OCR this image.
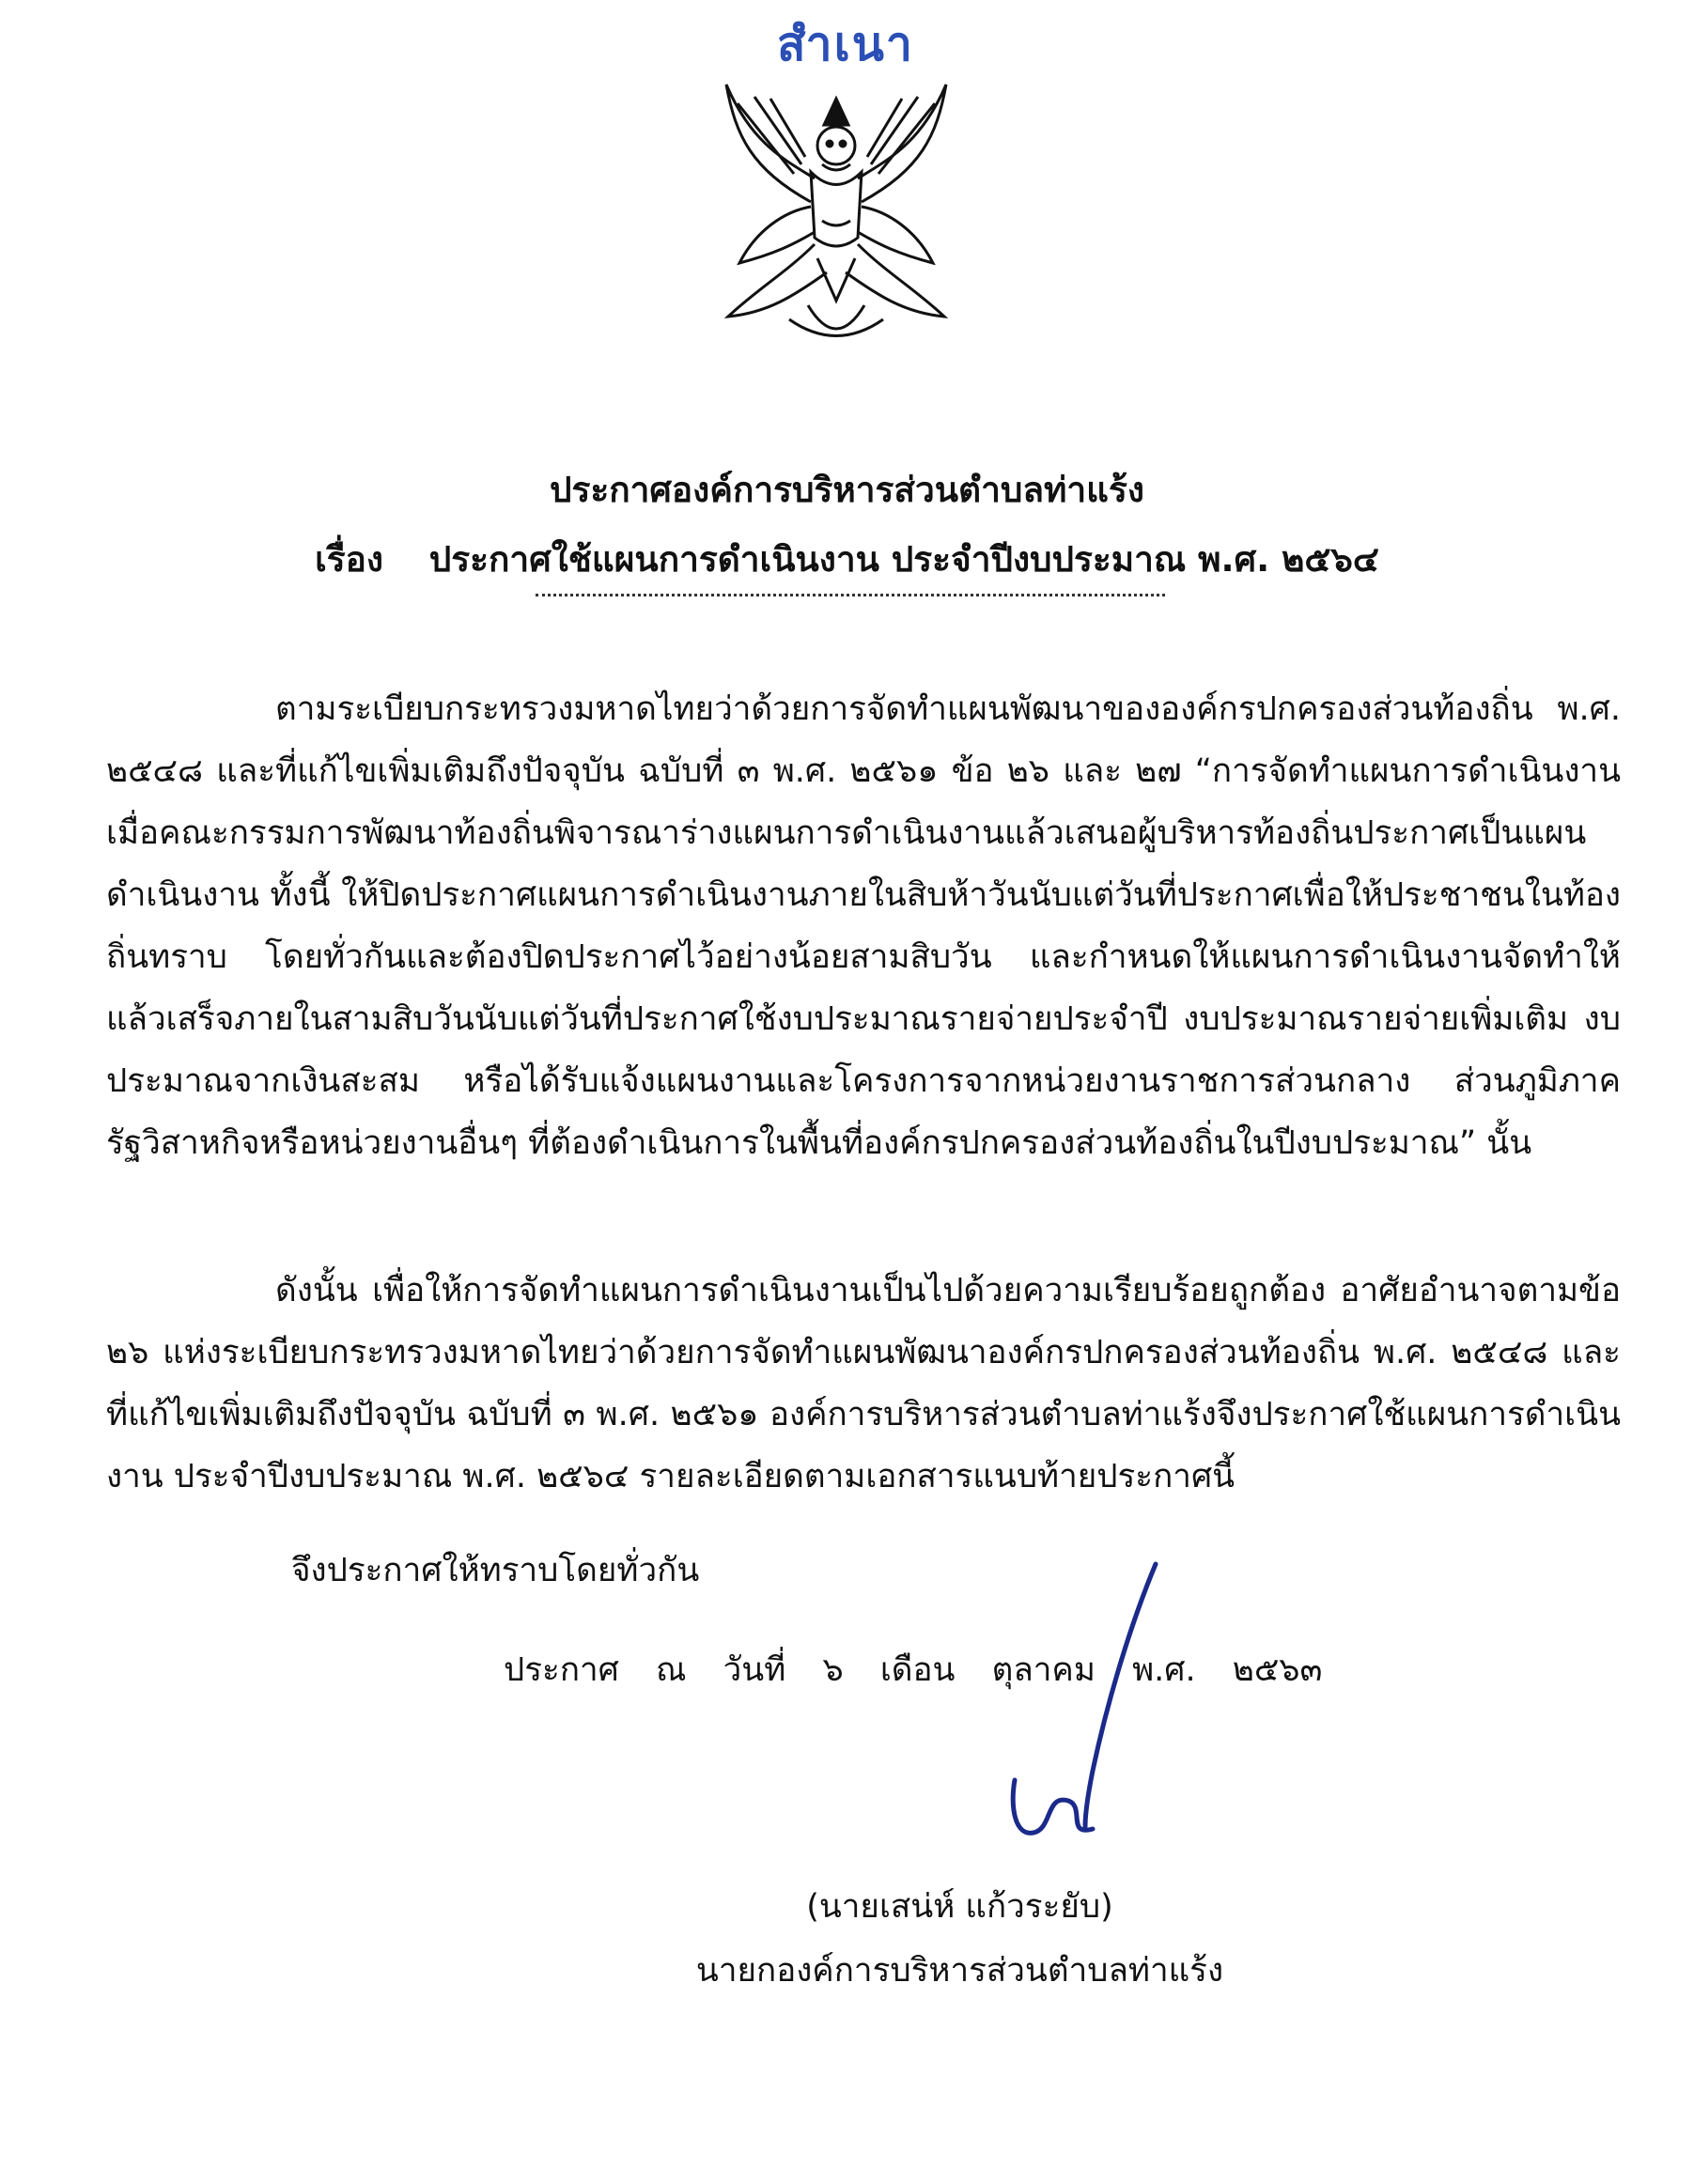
สำเนา
ประกาศองค์การบริหารส่วนตำบลท่าแร้ง
เรื่อง ประกาศใช้แผนการดำเนินงาน ประจำปีงบประมาณ พ.ศ. ๒๕๖๔
ตามระเบียบกระทรวงมหาดไทยว่าด้วยการจัดทำแผนพัฒนาขององค์กรปกครองส่วนท้องถิ่น พ.ศ. ๒๕๔๘ และที่แก้ไขเพิ่มเติมถึงปัจจุบัน ฉบับที่ ๓ พ.ศ. ๒๕๖๑ ข้อ ๒๖ และ ๒๗ “การจัดทำแผนการดำเนินงานเมื่อคณะกรรมการพัฒนาท้องถิ่นพิจารณาร่างแผนการดำเนินงานแล้วเสนอผู้บริหารท้องถิ่นประกาศเป็นแผนดำเนินงาน ทั้งนี้ ให้ปิดประกาศแผนการดำเนินงานภายในสิบห้าวันนับแต่วันที่ประกาศเพื่อให้ประชาชนในท้องถิ่นทราบ โดยทั่วกันและต้องปิดประกาศไว้อย่างน้อยสามสิบวัน และกำหนดให้แผนการดำเนินงานจัดทำให้แล้วเสร็จภายในสามสิบวันนับแต่วันที่ประกาศใช้งบประมาณรายจ่ายประจำปี งบประมาณรายจ่ายเพิ่มเติม งบประมาณจากเงินสะสม หรือได้รับแจ้งแผนงานและโครงการจากหน่วยงานราชการส่วนกลาง ส่วนภูมิภาค รัฐวิสาหกิจหรือหน่วยงานอื่นๆ ที่ต้องดำเนินการในพื้นที่องค์กรปกครองส่วนท้องถิ่นในปีงบประมาณ” นั้น
ดังนั้น เพื่อให้การจัดทำแผนการดำเนินงานเป็นไปด้วยความเรียบร้อยถูกต้อง อาศัยอำนาจตามข้อ ๒๖ แห่งระเบียบกระทรวงมหาดไทยว่าด้วยการจัดทำแผนพัฒนาองค์กรปกครองส่วนท้องถิ่น พ.ศ. ๒๕๔๘ และที่แก้ไขเพิ่มเติมถึงปัจจุบัน ฉบับที่ ๓ พ.ศ. ๒๕๖๑ องค์การบริหารส่วนตำบลท่าแร้งจึงประกาศใช้แผนการดำเนินงาน ประจำปีงบประมาณ พ.ศ. ๒๕๖๔ รายละเอียดตามเอกสารแนบท้ายประกาศนี้
จึงประกาศให้ทราบโดยทั่วกัน
ประกาศ ณ วันที่ ๖ เดือน ตุลาคม พ.ศ. ๒๕๖๓
(นายเสน่ห์ แก้วระยับ)
นายกองค์การบริหารส่วนตำบลท่าแร้ง
